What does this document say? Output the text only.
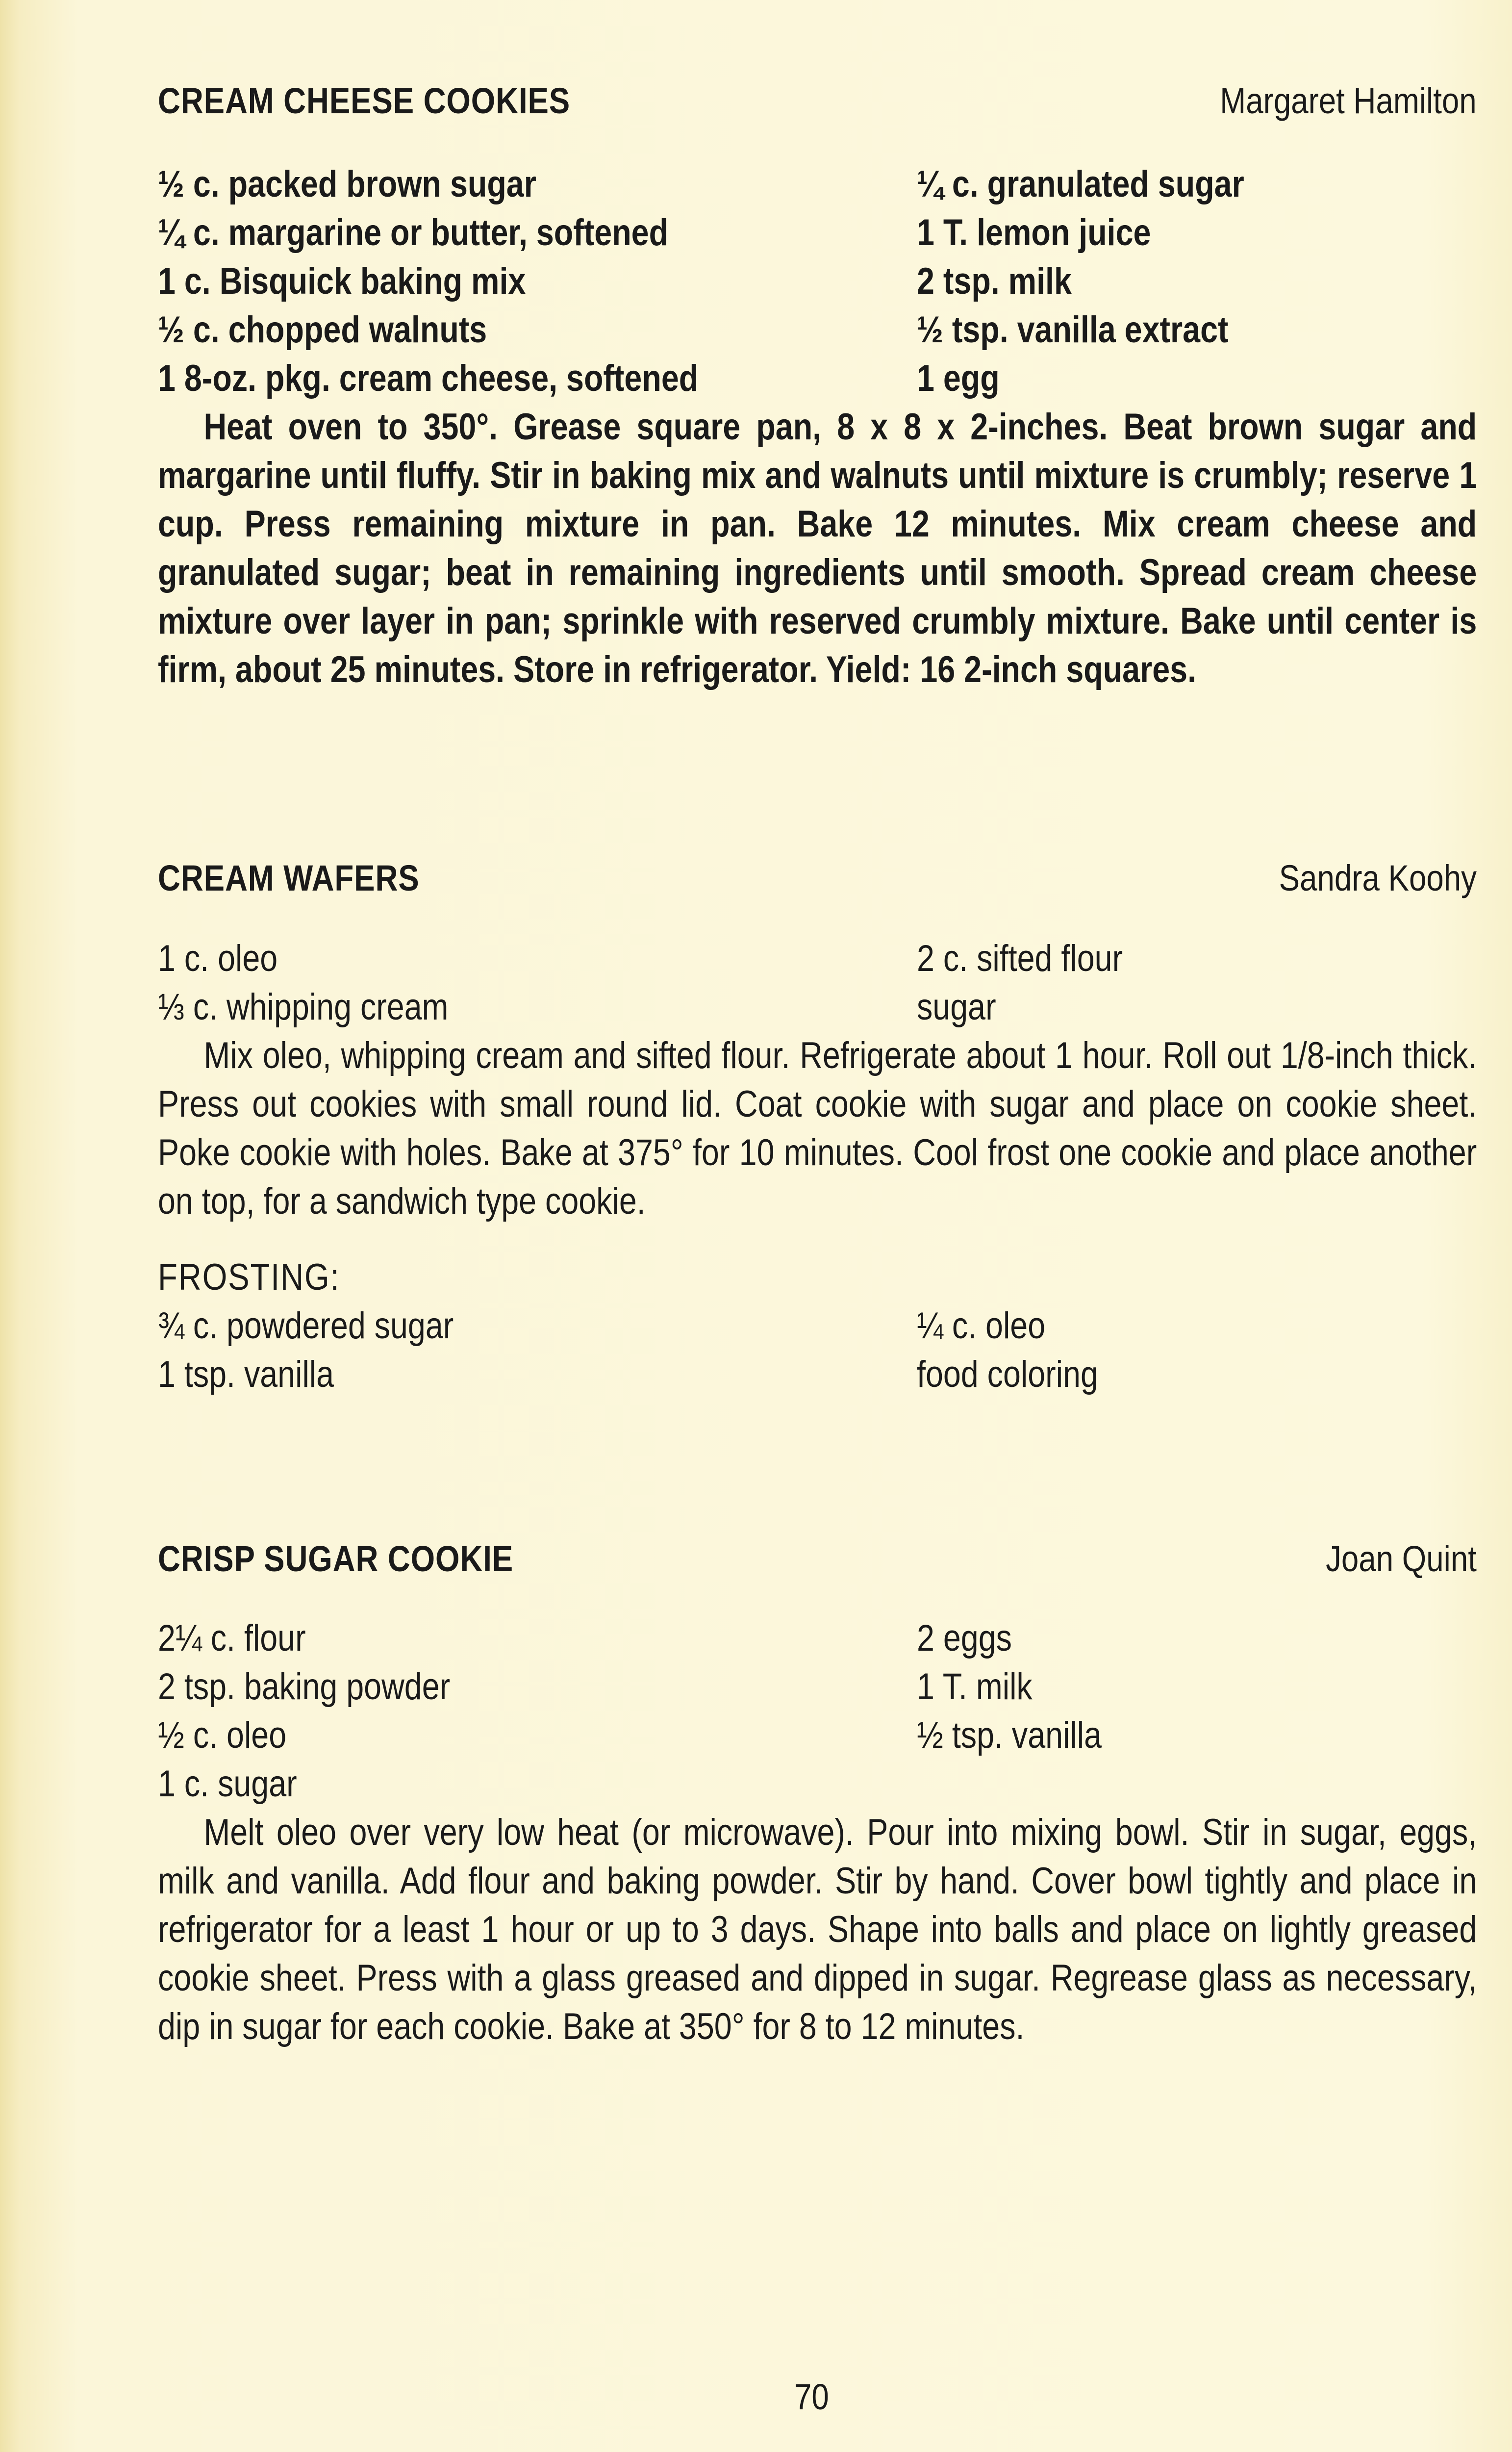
CREAM CHEESE COOKIES	Margaret Hamilton
½ c. packed brown sugar	¼ c. granulated sugar
¼ c. margarine or butter, softened	1 T. lemon juice
1 c. Bisquick baking mix	2 tsp. milk
½ c. chopped walnuts	½ tsp. vanilla extract
1 8-oz. pkg. cream cheese, softened	1 egg

Heat oven to 350°. Grease square pan, 8 x 8 x 2-inches. Beat brown sugar and margarine until fluffy. Stir in baking mix and walnuts until mixture is crumbly; reserve 1 cup. Press remaining mixture in pan. Bake 12 minutes. Mix cream cheese and granulated sugar; beat in remaining ingredients until smooth. Spread cream cheese mixture over layer in pan; sprinkle with reserved crumbly mixture. Bake until center is firm, about 25 minutes. Store in refrigerator. Yield: 16 2-inch squares.

CREAM WAFERS	Sandra Koohy
1 c. oleo	2 c. sifted flour
⅓ c. whipping cream	sugar

Mix oleo, whipping cream and sifted flour. Refrigerate about 1 hour. Roll out 1/8-inch thick. Press out cookies with small round lid. Coat cookie with sugar and place on cookie sheet. Poke cookie with holes. Bake at 375° for 10 minutes. Cool frost one cookie and place another on top, for a sandwich type cookie.

FROSTING:
¾ c. powdered sugar	¼ c. oleo
1 tsp. vanilla	food coloring
CRISP SUGAR COOKIE	Joan Quint
2¼ c. flour	2 eggs
2 tsp. baking powder	1 T. milk
½ c. oleo	½ tsp. vanilla
1 c. sugar

Melt oleo over very low heat (or microwave). Pour into mixing bowl. Stir in sugar, eggs, milk and vanilla. Add flour and baking powder. Stir by hand. Cover bowl tightly and place in refrigerator for a least 1 hour or up to 3 days. Shape into balls and place on lightly greased cookie sheet. Press with a glass greased and dipped in sugar. Regrease glass as necessary, dip in sugar for each cookie. Bake at 350° for 8 to 12 minutes.

70
